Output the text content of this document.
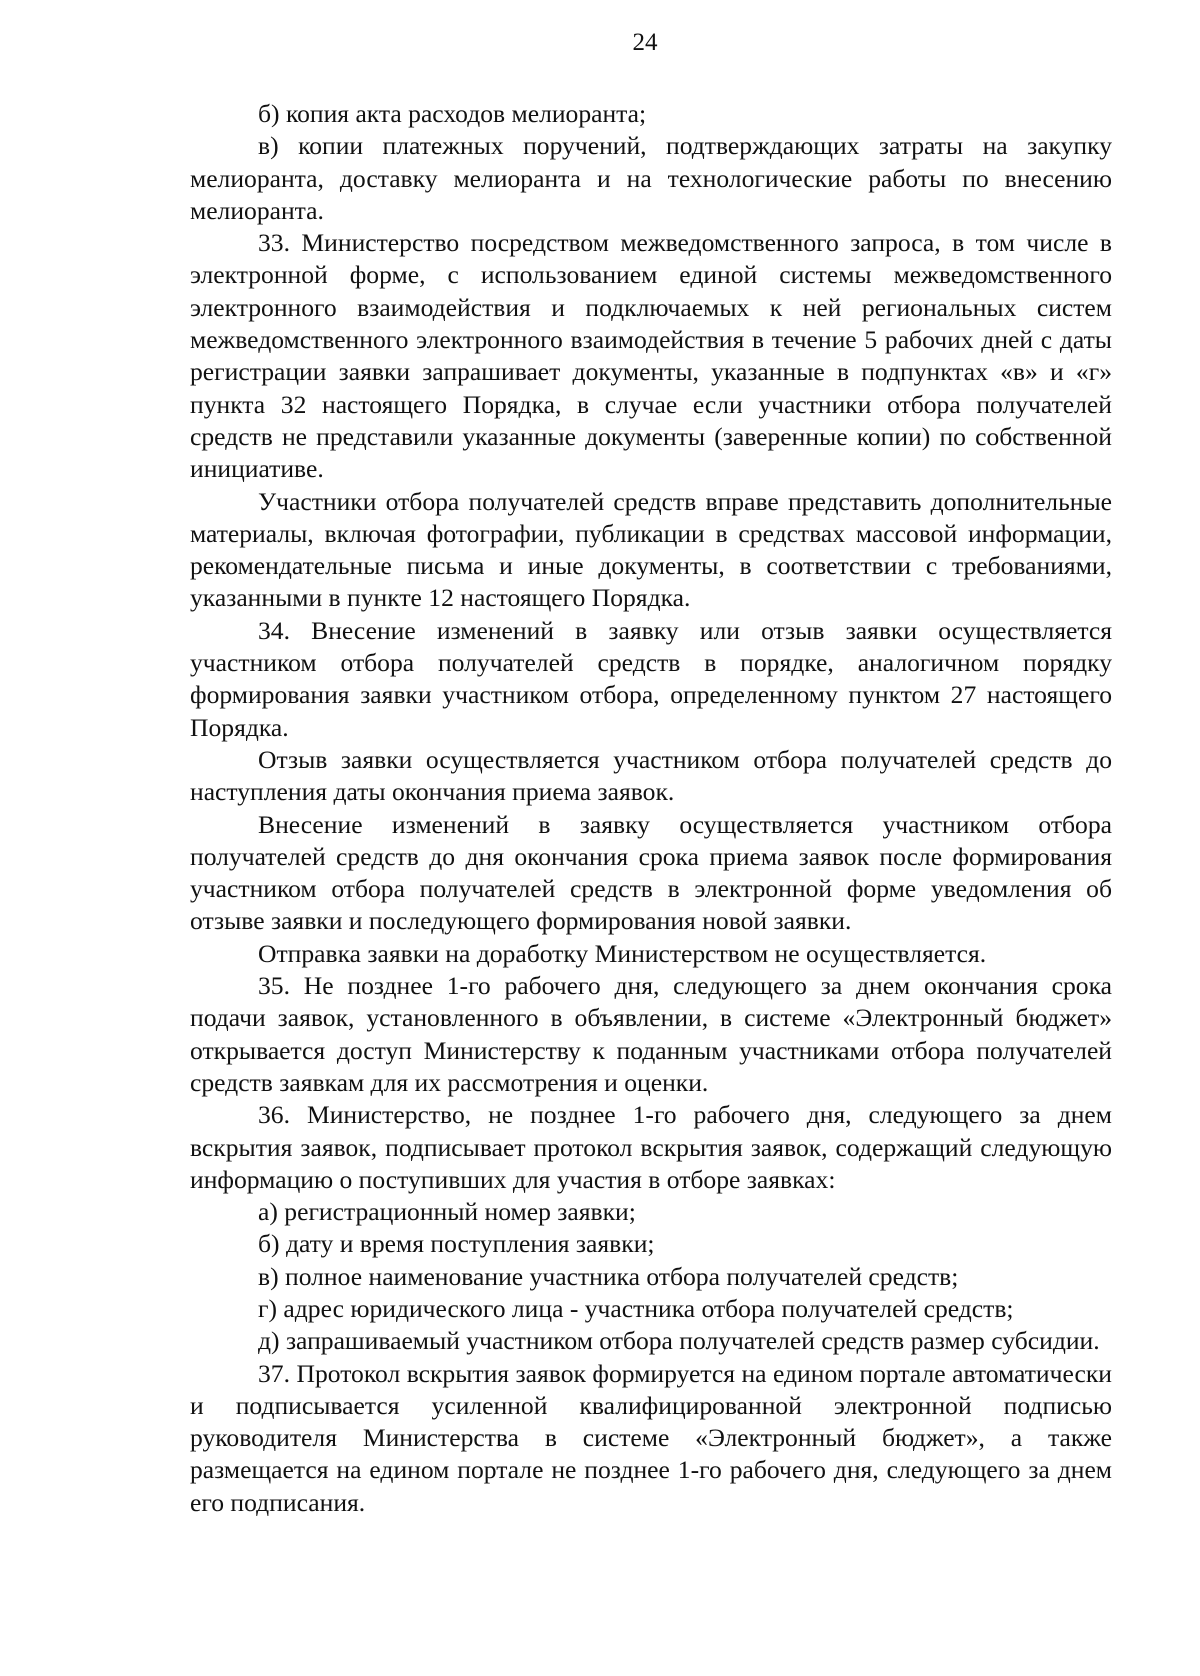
24

б) копия акта расходов мелиоранта;

в) копии платежных поручений, подтверждающих затраты на закупку мелиоранта, доставку мелиоранта и на технологические работы по внесению мелиоранта.

33. Министерство посредством межведомственного запроса, в том числе в электронной форме, с использованием единой системы межведомственного электронного взаимодействия и подключаемых к ней региональных систем межведомственного электронного взаимодействия в течение 5 рабочих дней с даты регистрации заявки запрашивает документы, указанные в подпунктах «в» и «г» пункта 32 настоящего Порядка, в случае если участники отбора получателей средств не представили указанные документы (заверенные копии) по собственной инициативе.

Участники отбора получателей средств вправе представить дополнительные материалы, включая фотографии, публикации в средствах массовой информации, рекомендательные письма и иные документы, в соответствии с требованиями, указанными в пункте 12 настоящего Порядка.

34. Внесение изменений в заявку или отзыв заявки осуществляется участником отбора получателей средств в порядке, аналогичном порядку формирования заявки участником отбора, определенному пунктом 27 настоящего Порядка.

Отзыв заявки осуществляется участником отбора получателей средств до наступления даты окончания приема заявок.

Внесение изменений в заявку осуществляется участником отбора получателей средств до дня окончания срока приема заявок после формирования участником отбора получателей средств в электронной форме уведомления об отзыве заявки и последующего формирования новой заявки.

Отправка заявки на доработку Министерством не осуществляется.

35. Не позднее 1-го рабочего дня, следующего за днем окончания срока подачи заявок, установленного в объявлении, в системе «Электронный бюджет» открывается доступ Министерству к поданным участниками отбора получателей средств заявкам для их рассмотрения и оценки.

36. Министерство, не позднее 1-го рабочего дня, следующего за днем вскрытия заявок, подписывает протокол вскрытия заявок, содержащий следующую информацию о поступивших для участия в отборе заявках:

а) регистрационный номер заявки;

б) дату и время поступления заявки;

в) полное наименование участника отбора получателей средств;

г) адрес юридического лица - участника отбора получателей средств;

д) запрашиваемый участником отбора получателей средств размер субсидии.

37. Протокол вскрытия заявок формируется на едином портале автоматически и подписывается усиленной квалифицированной электронной подписью руководителя Министерства в системе «Электронный бюджет», а также размещается на едином портале не позднее 1-го рабочего дня, следующего за днем его подписания.
